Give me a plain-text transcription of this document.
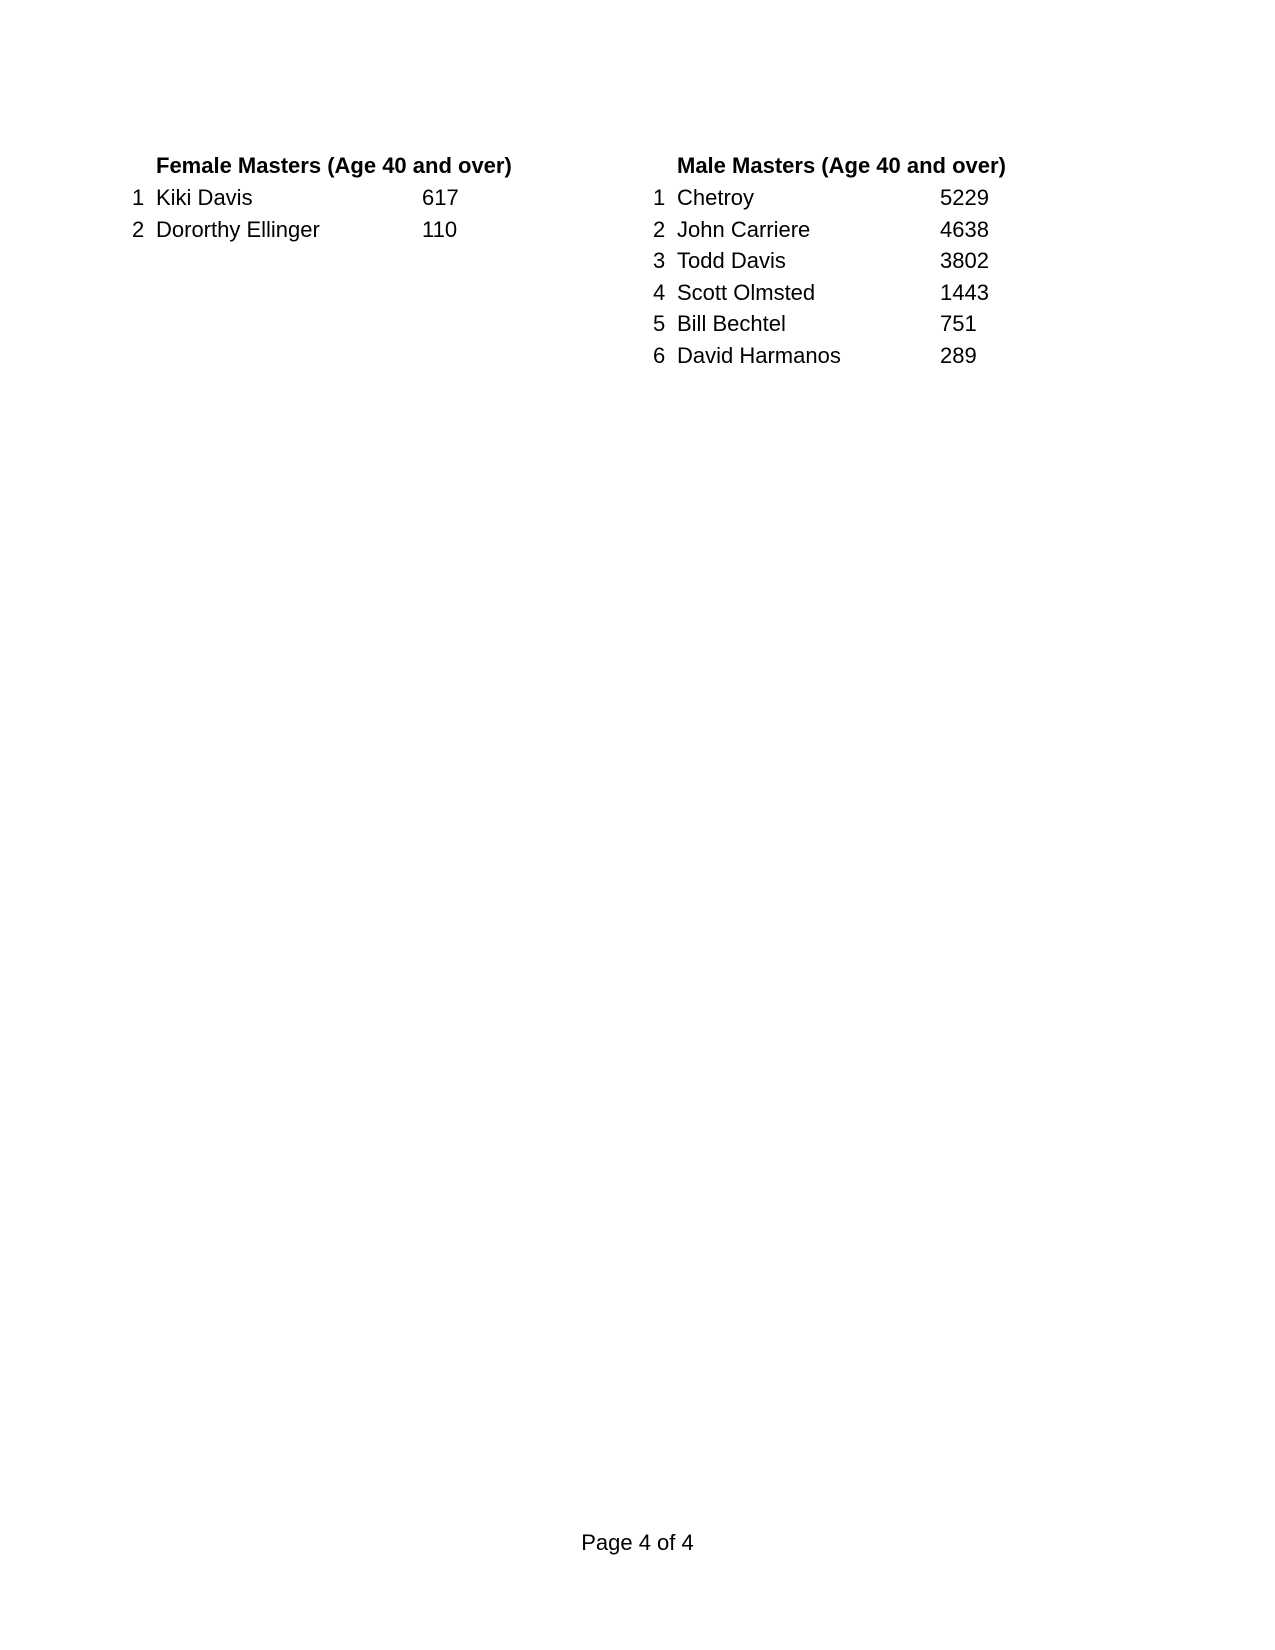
Female Masters (Age 40 and over)
1 Kiki Davis	617
2 Dororthy Ellinger	110
Male Masters (Age 40 and over)
1 Chetroy	5229
2 John Carriere	4638
3 Todd Davis	3802
4 Scott Olmsted	1443
5 Bill Bechtel	751
6 David Harmanos	289
Page 4 of 4
